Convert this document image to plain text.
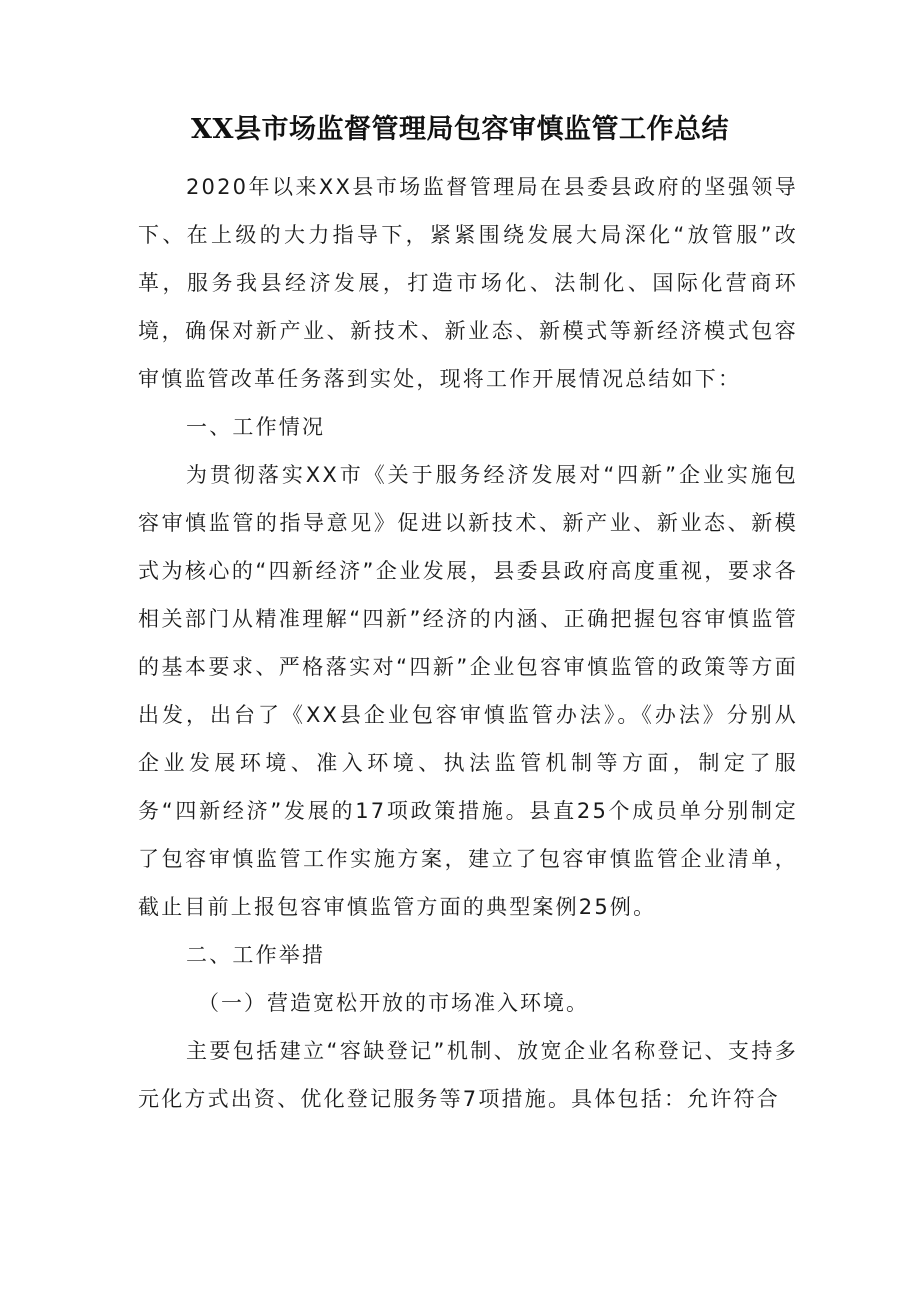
XX县市场监督管理局包容审慎监管工作总结

2020年以来XX县市场监督管理局在县委县政府的坚强领导下、在上级的大力指导下，紧紧围绕发展大局深化“放管服”改革，服务我县经济发展，打造市场化、法制化、国际化营商环境，确保对新产业、新技术、新业态、新模式等新经济模式包容审慎监管改革任务落到实处，现将工作开展情况总结如下：

一、工作情况

为贯彻落实XX市《关于服务经济发展对“四新”企业实施包容审慎监管的指导意见》促进以新技术、新产业、新业态、新模式为核心的“四新经济”企业发展，县委县政府高度重视，要求各相关部门从精准理解“四新”经济的内涵、正确把握包容审慎监管的基本要求、严格落实对“四新”企业包容审慎监管的政策等方面出发，出台了《XX县企业包容审慎监管办法》。《办法》分别从企业发展环境、准入环境、执法监管机制等方面，制定了服务“四新经济”发展的17项政策措施。县直25个成员单分别制定了包容审慎监管工作实施方案，建立了包容审慎监管企业清单，截止目前上报包容审慎监管方面的典型案例25例。

二、工作举措

（一）营造宽松开放的市场准入环境。

主要包括建立“容缺登记”机制、放宽企业名称登记、支持多元化方式出资、优化登记服务等7项措施。具体包括：允许符合
